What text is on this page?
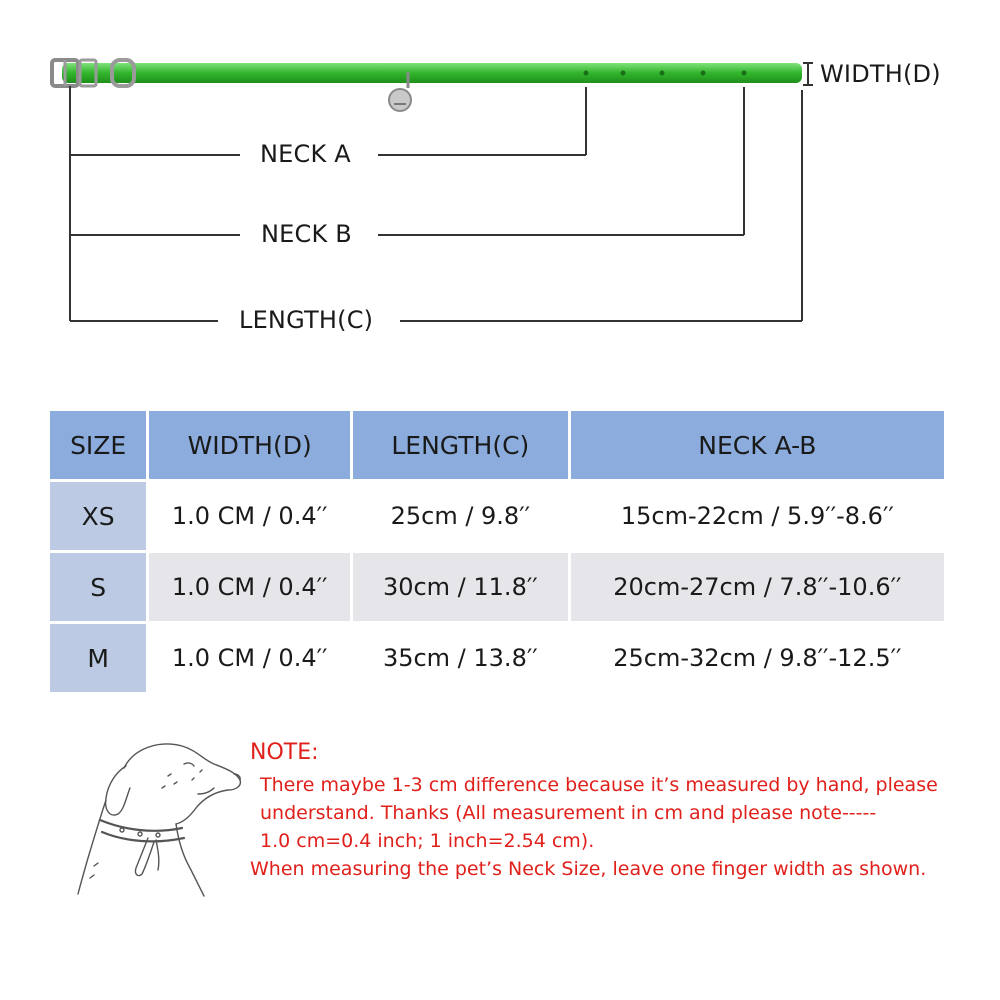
WIDTH(D)
NECK A
NECK B
LENGTH(C)
SIZE	WIDTH(D)	LENGTH(C)	NECK A-B
XS	1.0 CM / 0.4′′	25cm / 9.8′′	15cm-22cm / 5.9′′-8.6′′
S	1.0 CM / 0.4′′	30cm / 11.8′′	20cm-27cm / 7.8′′-10.6′′
M	1.0 CM / 0.4′′	35cm / 13.8′′	25cm-32cm / 9.8′′-12.5′′

NOTE:

There maybe 1-3 cm difference because it’s measured by hand, please

understand. Thanks (All measurement in cm and please note-----

1.0 cm=0.4 inch; 1 inch=2.54 cm).

When measuring the pet’s Neck Size, leave one finger width as shown.
